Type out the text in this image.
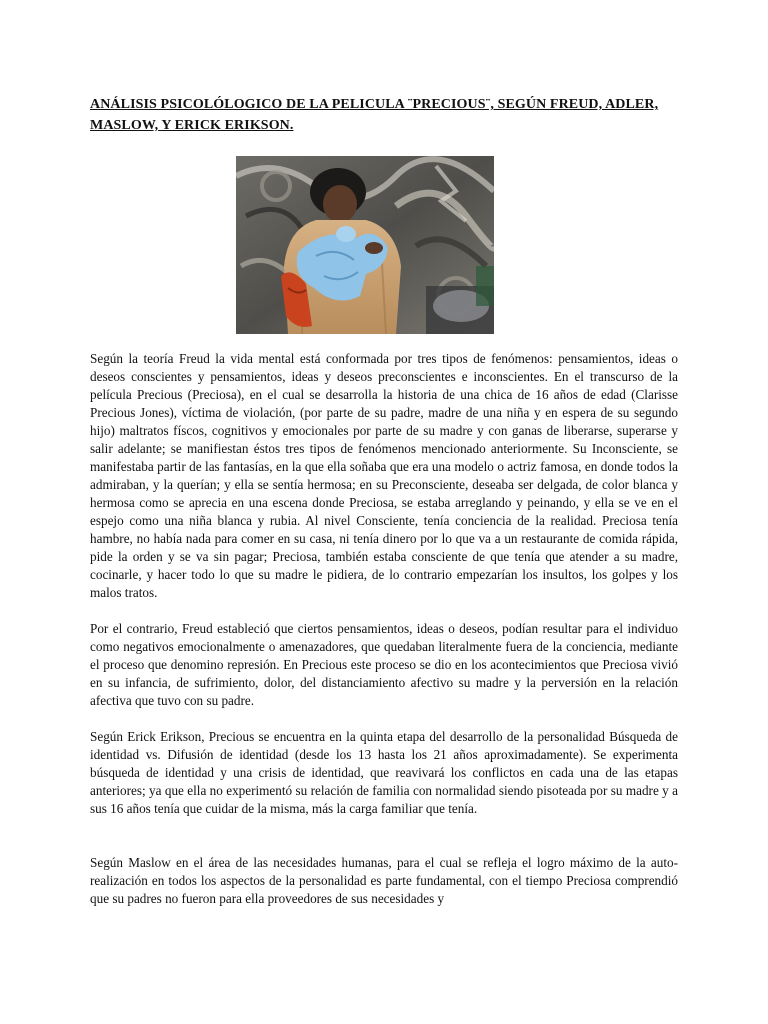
ANÁLISIS PSICOLÓLOGICO DE LA PELICULA ¨PRECIOUS¨, SEGÚN FREUD, ADLER, MASLOW, Y ERICK ERIKSON.

Según la teoría Freud la vida mental está conformada por tres tipos de fenómenos: pensamientos, ideas o deseos conscientes y pensamientos, ideas y deseos preconscientes e inconscientes. En el transcurso de la película Precious (Preciosa), en el cual se desarrolla la historia de una chica de 16 años de edad (Clarisse Precious Jones), víctima de violación, (por parte de su padre, madre de una niña y en espera de su segundo hijo) maltratos físcos, cognitivos y emocionales por parte de su madre y con ganas de liberarse, superarse y salir adelante; se manifiestan éstos tres tipos de fenómenos mencionado anteriormente. Su Inconsciente, se manifestaba partir de las fantasías, en la que ella soñaba que era una modelo o actriz famosa, en donde todos la admiraban, y la querían; y ella se sentía hermosa; en su Preconsciente, deseaba ser delgada, de color blanca y hermosa como se aprecia en una escena donde Preciosa, se estaba arreglando y peinando, y ella se ve en el espejo como una niña blanca y rubia. Al nivel Consciente, tenía conciencia de la realidad. Preciosa tenía hambre, no había nada para comer en su casa, ni tenía dinero por lo que va a un restaurante de comida rápida, pide la orden y se va sin pagar; Preciosa, también estaba consciente de que tenía que atender a su madre, cocinarle, y hacer todo lo que su madre le pidiera, de lo contrario empezarían los insultos, los golpes y los malos tratos.

Por el contrario, Freud estableció que ciertos pensamientos, ideas o deseos, podían resultar para el individuo como negativos emocionalmente o amenazadores, que quedaban literalmente fuera de la conciencia, mediante el proceso que denomino represión. En Precious este proceso se dio en los acontecimientos que Preciosa vivió en su infancia, de sufrimiento, dolor, del distanciamiento afectivo su madre y la perversión en la relación afectiva que tuvo con su padre.

Según Erick Erikson, Precious se encuentra en la quinta etapa del desarrollo de la personalidad Búsqueda de identidad vs. Difusión de identidad (desde los 13 hasta los 21 años aproximadamente). Se experimenta búsqueda de identidad y una crisis de identidad, que reavivará los conflictos en cada una de las etapas anteriores; ya que ella no experimentó su relación de familia con normalidad siendo pisoteada por su madre y a sus 16 años tenía que cuidar de la misma, más la carga familiar que tenía.

Según Maslow en el área de las necesidades humanas, para el cual se refleja el logro máximo de la auto-realización en todos los aspectos de la personalidad es parte fundamental, con el tiempo Preciosa comprendió que su padres no fueron para ella proveedores de sus necesidades y
